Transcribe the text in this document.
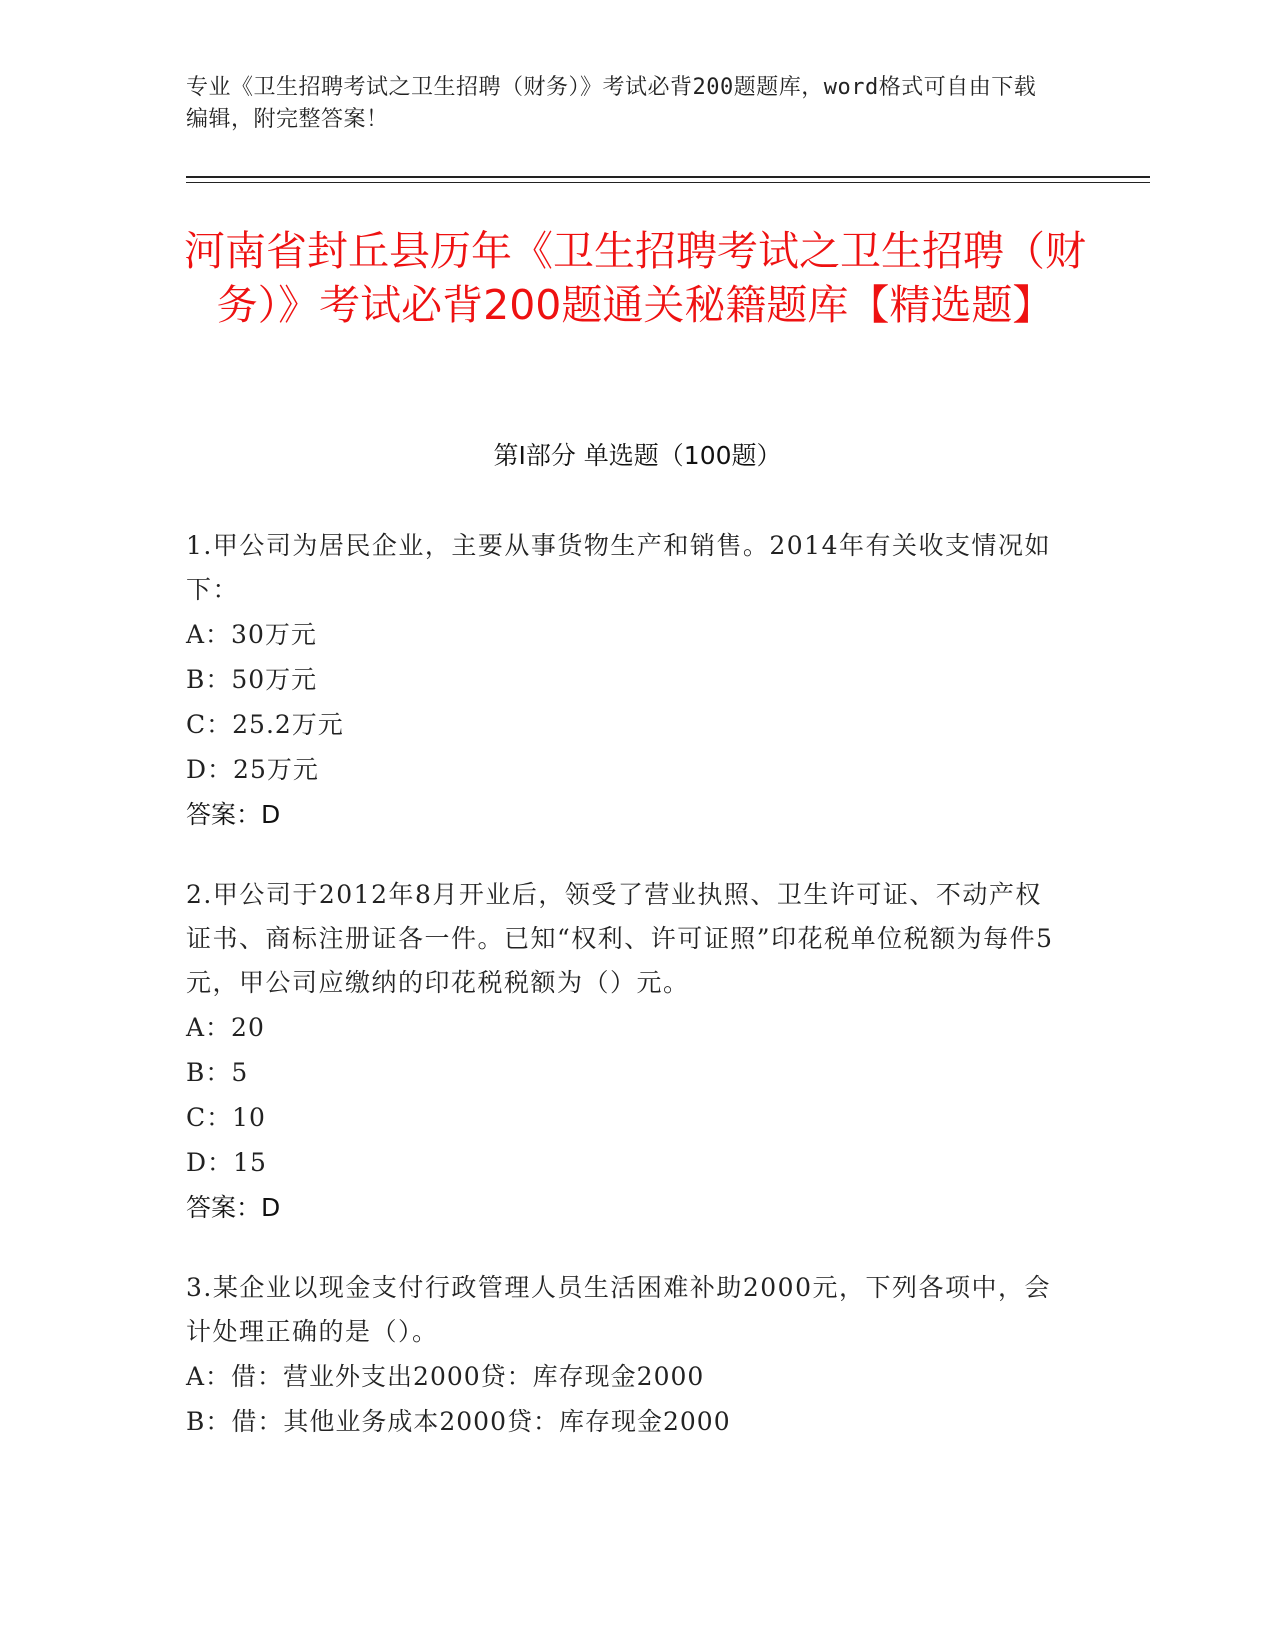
专业《卫生招聘考试之卫生招聘（财务）》考试必背200题题库，word格式可自由下载编辑，附完整答案！
河南省封丘县历年《卫生招聘考试之卫生招聘（财务）》考试必背200题通关秘籍题库【精选题】
第Ⅰ部分 单选题（100题）
1.甲公司为居民企业，主要从事货物生产和销售。2014年有关收支情况如下：
A：30万元
B：50万元
C：25.2万元
D：25万元
答案：D
2.甲公司于2012年8月开业后，领受了营业执照、卫生许可证、不动产权证书、商标注册证各一件。已知“权利、许可证照”印花税单位税额为每件5元，甲公司应缴纳的印花税税额为（）元。
A：20
B：5
C：10
D：15
答案：D
3.某企业以现金支付行政管理人员生活困难补助2000元，下列各项中，会计处理正确的是（）。
A：借：营业外支出2000贷：库存现金2000
B：借：其他业务成本2000贷：库存现金2000
